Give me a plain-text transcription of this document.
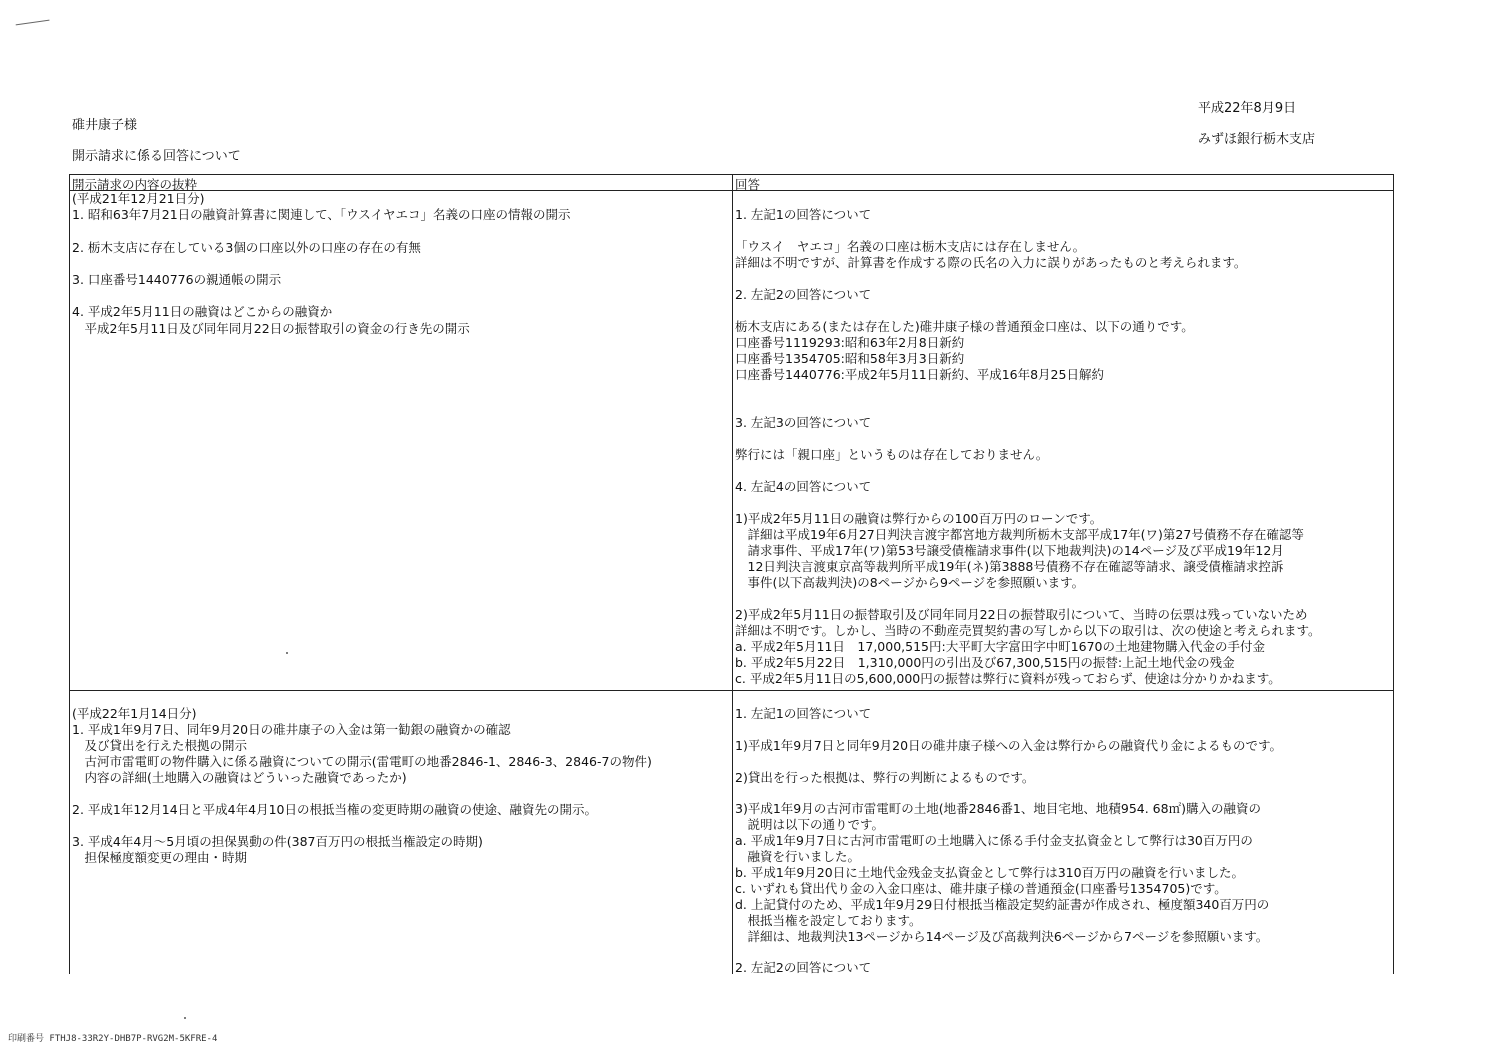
碓井康子様
開示請求に係る回答について
平成22年8月9日
みずほ銀行栃木支店
開示請求の内容の抜粋	回答
(平成21年12月21日分)
1. 昭和63年7月21日の融資計算書に関連して、「ウスイヤエコ」名義の口座の情報の開示
2. 栃木支店に存在している3個の口座以外の口座の存在の有無
3. 口座番号1440776の親通帳の開示
4. 平成2年5月11日の融資はどこからの融資か
　平成2年5月11日及び同年同月22日の振替取引の資金の行き先の開示
1. 左記1の回答について
「ウスイ　ヤエコ」名義の口座は栃木支店には存在しません。
詳細は不明ですが、計算書を作成する際の氏名の入力に誤りがあったものと考えられます。
2. 左記2の回答について
栃木支店にある(または存在した)碓井康子様の普通預金口座は、以下の通りです。
口座番号1119293:昭和63年2月8日新約
口座番号1354705:昭和58年3月3日新約
口座番号1440776:平成2年5月11日新約、平成16年8月25日解約
3. 左記3の回答について
弊行には「親口座」というものは存在しておりません。
4. 左記4の回答について
1)平成2年5月11日の融資は弊行からの100百万円のローンです。
　詳細は平成19年6月27日判決言渡宇都宮地方裁判所栃木支部平成17年(ワ)第27号債務不存在確認等
　請求事件、平成17年(ワ)第53号譲受債権請求事件(以下地裁判決)の14ページ及び平成19年12月
　12日判決言渡東京高等裁判所平成19年(ネ)第3888号債務不存在確認等請求、譲受債権請求控訴
　事件(以下高裁判決)の8ページから9ページを参照願います。
2)平成2年5月11日の振替取引及び同年同月22日の振替取引について、当時の伝票は残っていないため
詳細は不明です。しかし、当時の不動産売買契約書の写しから以下の取引は、次の使途と考えられます。
a. 平成2年5月11日　17,000,515円:大平町大字富田字中町1670の土地建物購入代金の手付金
b. 平成2年5月22日　1,310,000円の引出及び67,300,515円の振替:上記土地代金の残金
c. 平成2年5月11日の5,600,000円の振替は弊行に資料が残っておらず、使途は分かりかねます。
(平成22年1月14日分)
1. 平成1年9月7日、同年9月20日の碓井康子の入金は第一勧銀の融資かの確認
　及び貸出を行えた根拠の開示
　古河市雷電町の物件購入に係る融資についての開示(雷電町の地番2846-1、2846-3、2846-7の物件)
　内容の詳細(土地購入の融資はどういった融資であったか)
2. 平成1年12月14日と平成4年4月10日の根抵当権の変更時期の融資の使途、融資先の開示。
3. 平成4年4月～5月頃の担保異動の件(387百万円の根抵当権設定の時期)
　担保極度額変更の理由・時期
1. 左記1の回答について
1)平成1年9月7日と同年9月20日の碓井康子様への入金は弊行からの融資代り金によるものです。
2)貸出を行った根拠は、弊行の判断によるものです。
3)平成1年9月の古河市雷電町の土地(地番2846番1、地目宅地、地積954. 68㎡)購入の融資の
　説明は以下の通りです。
a. 平成1年9月7日に古河市雷電町の土地購入に係る手付金支払資金として弊行は30百万円の
　融資を行いました。
b. 平成1年9月20日に土地代金残金支払資金として弊行は310百万円の融資を行いました。
c. いずれも貸出代り金の入金口座は、碓井康子様の普通預金(口座番号1354705)です。
d. 上記貸付のため、平成1年9月29日付根抵当権設定契約証書が作成され、極度額340百万円の
　根抵当権を設定しております。
　詳細は、地裁判決13ページから14ページ及び高裁判決6ページから7ページを参照願います。
2. 左記2の回答について
印刷番号 FTHJ8-33R2Y-DHB7P-RVG2M-5KFRE-4
